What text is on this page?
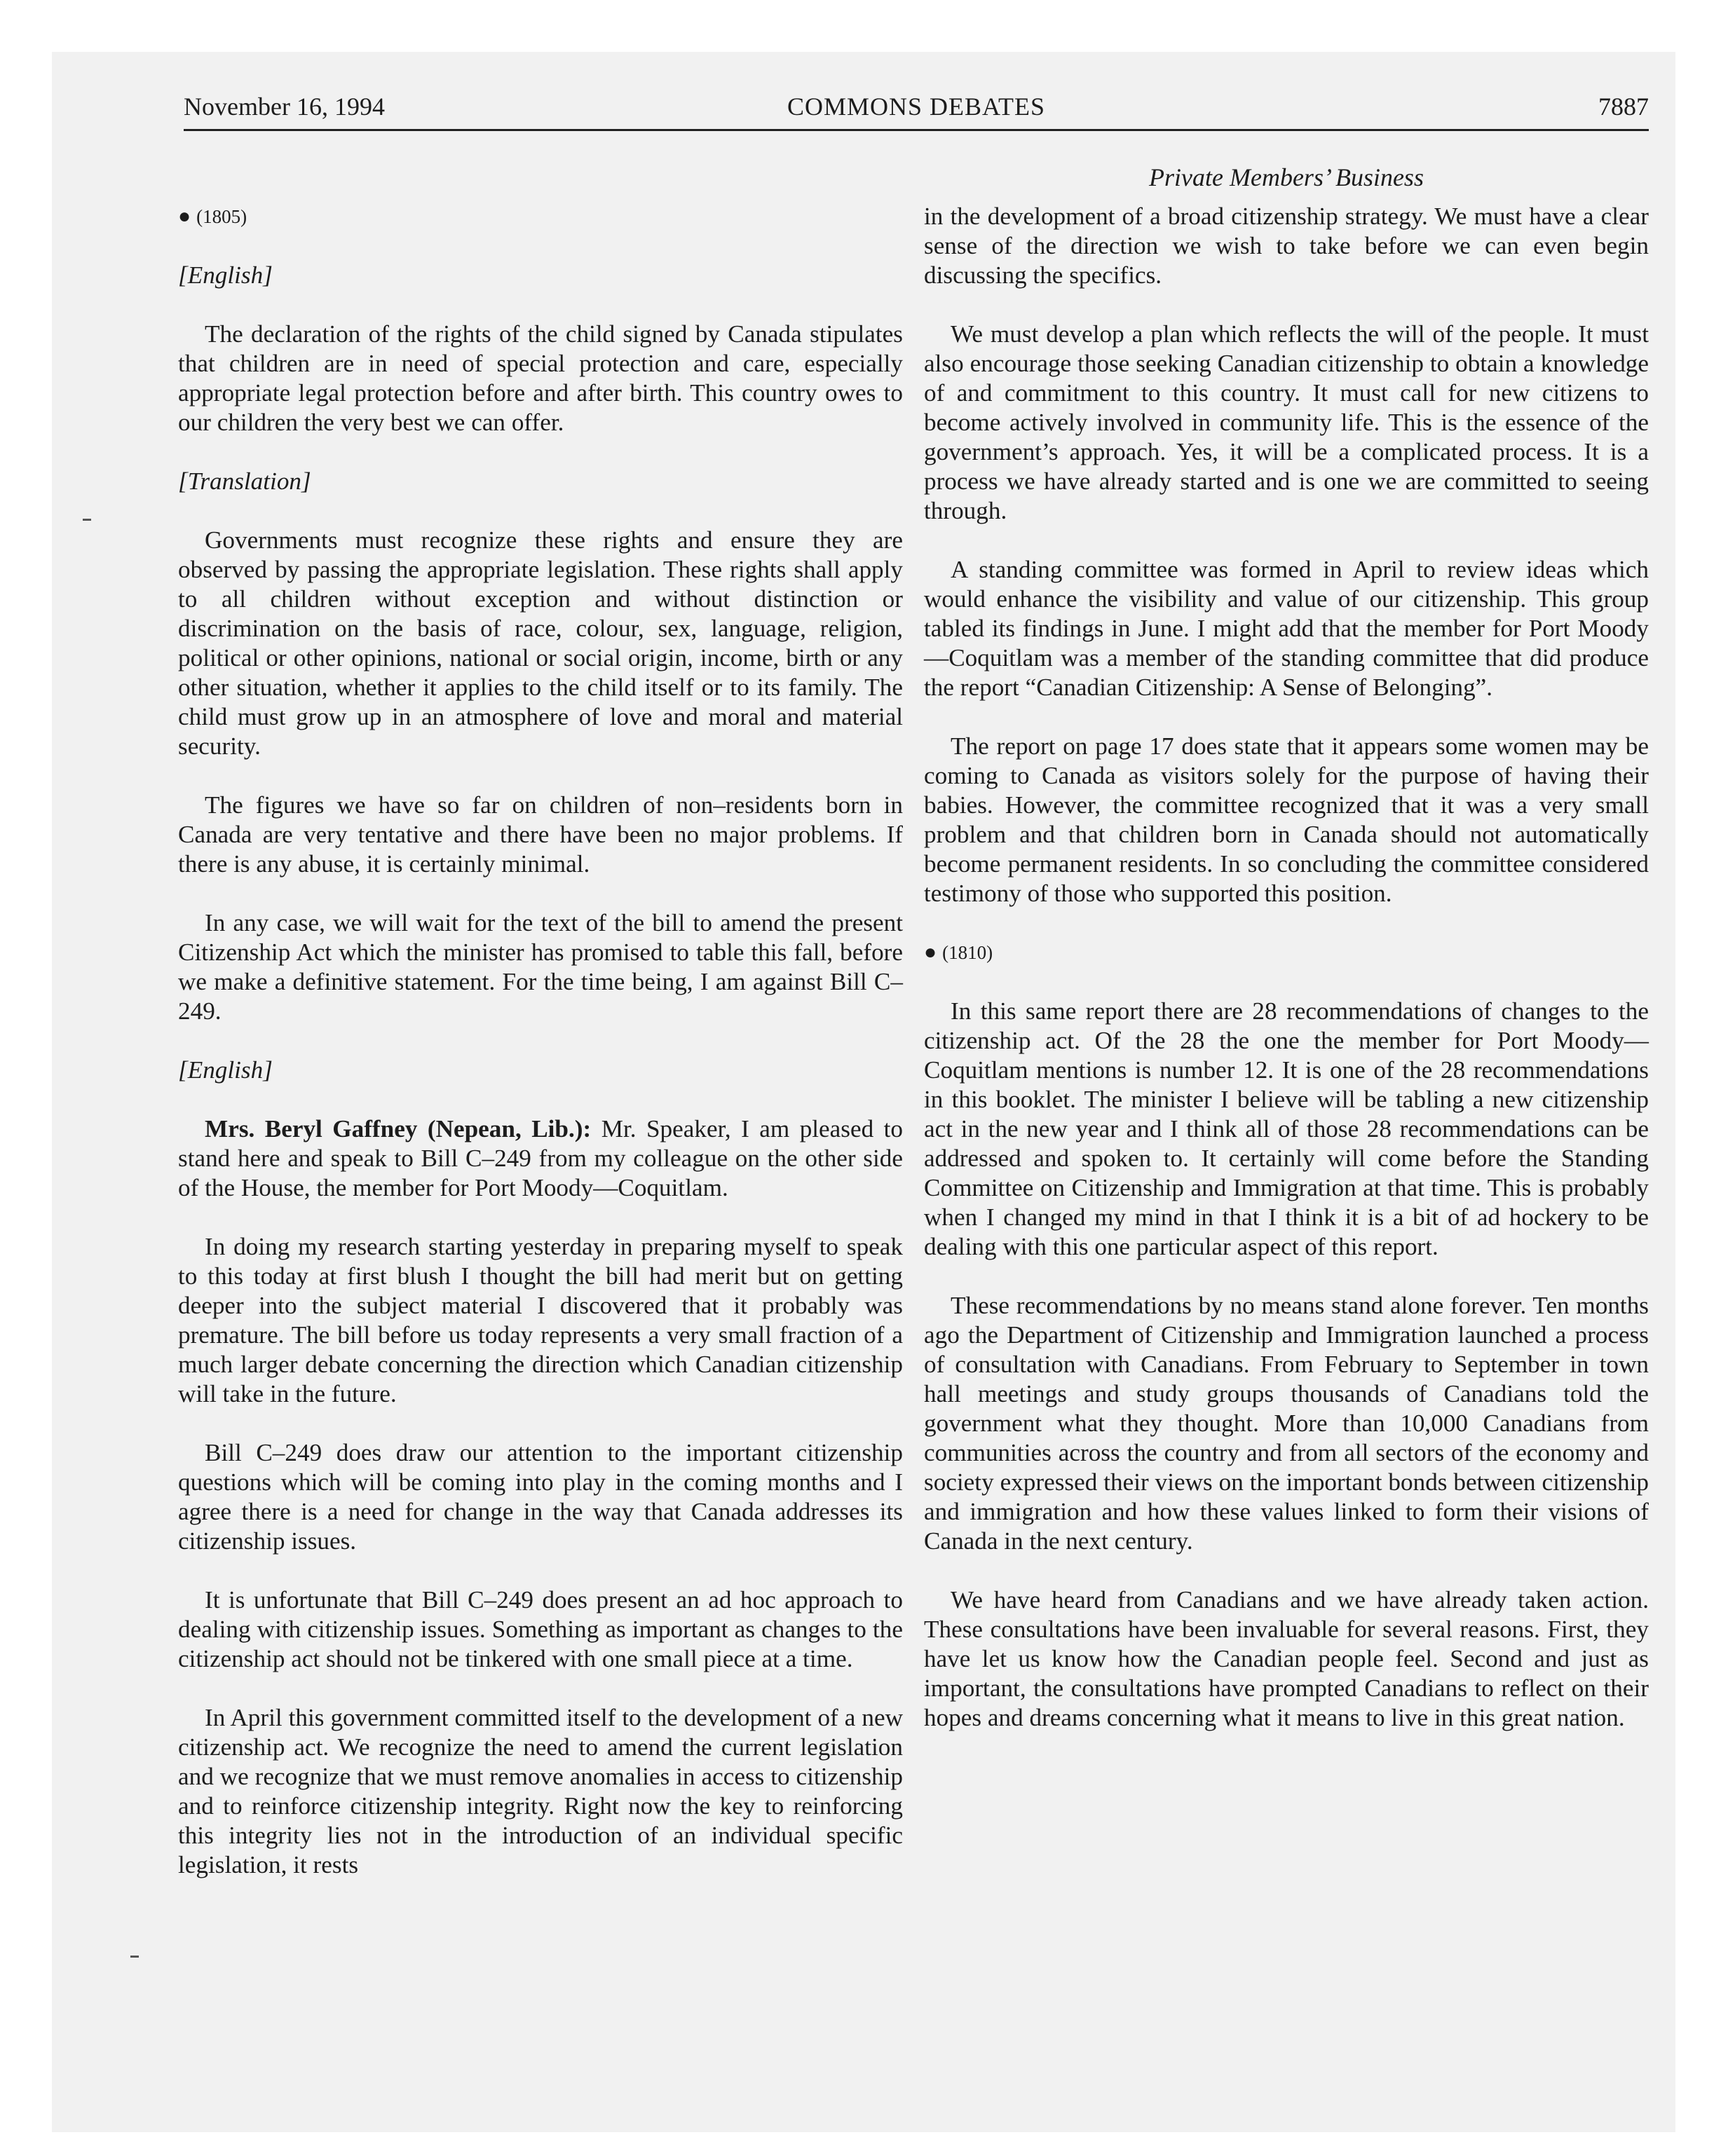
November 16, 1994	COMMONS DEBATES	7887
Private Members’ Business
● (1805)
[English]

The declaration of the rights of the child signed by Canada stipulates that children are in need of special protection and care, especially appropriate legal protection before and after birth. This country owes to our children the very best we can offer.

[Translation]

Governments must recognize these rights and ensure they are observed by passing the appropriate legislation. These rights shall apply to all children without exception and without distinction or discrimination on the basis of race, colour, sex, language, religion, political or other opinions, national or social origin, income, birth or any other situation, whether it applies to the child itself or to its family. The child must grow up in an atmosphere of love and moral and material security.

The figures we have so far on children of non–residents born in Canada are very tentative and there have been no major problems. If there is any abuse, it is certainly minimal.

In any case, we will wait for the text of the bill to amend the present Citizenship Act which the minister has promised to table this fall, before we make a definitive statement. For the time being, I am against Bill C–249.

[English]

Mrs. Beryl Gaffney (Nepean, Lib.): Mr. Speaker, I am pleased to stand here and speak to Bill C–249 from my colleague on the other side of the House, the member for Port Moody—Coquitlam.

In doing my research starting yesterday in preparing myself to speak to this today at first blush I thought the bill had merit but on getting deeper into the subject material I discovered that it probably was premature. The bill before us today represents a very small fraction of a much larger debate concerning the direction which Canadian citizenship will take in the future.

Bill C–249 does draw our attention to the important citizenship questions which will be coming into play in the coming months and I agree there is a need for change in the way that Canada addresses its citizenship issues.

It is unfortunate that Bill C–249 does present an ad hoc approach to dealing with citizenship issues. Something as important as changes to the citizenship act should not be tinkered with one small piece at a time.

In April this government committed itself to the development of a new citizenship act. We recognize the need to amend the current legislation and we recognize that we must remove anomalies in access to citizenship and to reinforce citizenship integrity. Right now the key to reinforcing this integrity lies not in the introduction of an individual specific legislation, it rests

in the development of a broad citizenship strategy. We must have a clear sense of the direction we wish to take before we can even begin discussing the specifics.

We must develop a plan which reflects the will of the people. It must also encourage those seeking Canadian citizenship to obtain a knowledge of and commitment to this country. It must call for new citizens to become actively involved in community life. This is the essence of the government’s approach. Yes, it will be a complicated process. It is a process we have already started and is one we are committed to seeing through.

A standing committee was formed in April to review ideas which would enhance the visibility and value of our citizenship. This group tabled its findings in June. I might add that the member for Port Moody—Coquitlam was a member of the standing committee that did produce the report “Canadian Citizenship: A Sense of Belonging”.

The report on page 17 does state that it appears some women may be coming to Canada as visitors solely for the purpose of having their babies. However, the committee recognized that it was a very small problem and that children born in Canada should not automatically become permanent residents. In so concluding the committee considered testimony of those who supported this position.

● (1810)

In this same report there are 28 recommendations of changes to the citizenship act. Of the 28 the one the member for Port Moody—Coquitlam mentions is number 12. It is one of the 28 recommendations in this booklet. The minister I believe will be tabling a new citizenship act in the new year and I think all of those 28 recommendations can be addressed and spoken to. It certainly will come before the Standing Committee on Citizenship and Immigration at that time. This is probably when I changed my mind in that I think it is a bit of ad hockery to be dealing with this one particular aspect of this report.

These recommendations by no means stand alone forever. Ten months ago the Department of Citizenship and Immigration launched a process of consultation with Canadians. From February to September in town hall meetings and study groups thousands of Canadians told the government what they thought. More than 10,000 Canadians from communities across the country and from all sectors of the economy and society expressed their views on the important bonds between citizenship and immigration and how these values linked to form their visions of Canada in the next century.

We have heard from Canadians and we have already taken action. These consultations have been invaluable for several reasons. First, they have let us know how the Canadian people feel. Second and just as important, the consultations have prompted Canadians to reflect on their hopes and dreams concerning what it means to live in this great nation.
